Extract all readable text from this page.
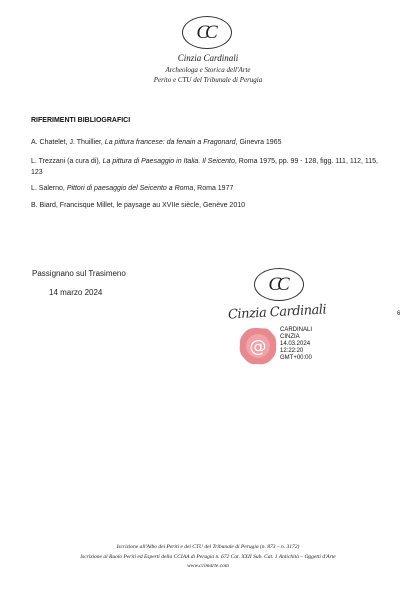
CC
Cinzia Cardinali
Archeologa e Storica dell'Arte
Perito e CTU del Tribunale di Perugia
RIFERIMENTI BIBLIOGRAFICI
A. Chatelet, J. Thuillier, La pittura francese: da fenain a Fragonard, Ginevra 1965
L. Trezzani (a cura di), La pittura di Paesaggio in Italia. Il Seicento, Roma 1975, pp. 99 - 128, figg. 111, 112, 115, 123
L. Salerno, Pittori di paesaggio del Seicento a Roma, Roma 1977
B. Biard, Francisque Millet, le paysage au XVIIe siècle, Genève 2010
Passignano sul Trasimeno
14 marzo 2024	CC
Cinzia Cardinali
@
CARDINALI
CINZIA
14.03.2024
12:22:20
GMT+00:00
6
Iscrizione all'Albo dei Periti e dei CTU del Tribunale di Perugia (n. 873 – n. 3172)
Iscrizione al Ruolo Periti ed Esperti della CCIAA di Perugia n. 672 Cat. XXII Sub. Cat. 1 Antichità – Oggetti d'Arte
www.ccimarte.com
